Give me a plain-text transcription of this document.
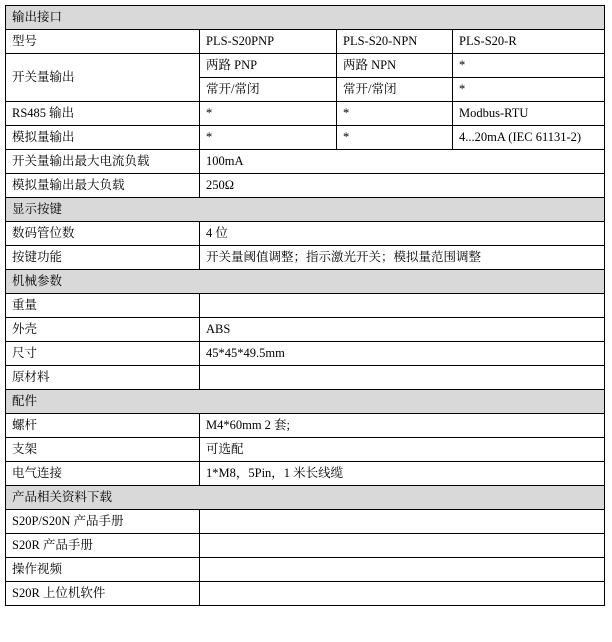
输出接口			
型号	PLS-S20PNP	PLS-S20-NPN	PLS-S20-R
开关量输出	两路 PNP	两路 NPN	*
	常开/常闭	常开/常闭	*
RS485 输出	*	*	Modbus-RTU
模拟量输出	*	*	4...20mA (IEC 61131-2)
开关量输出最大电流负载	100mA		
模拟量输出最大负载	250Ω		
显示按键			
数码管位数	4 位		
按键功能	开关量阈值调整；指示激光开关；模拟量范围调整		
机械参数			
重量			
外壳	ABS		
尺寸	45*45*49.5mm		
原材料			
配件			
螺杆	M4*60mm 2 套;		
支架	可选配		
电气连接	1*M8，5Pin，1 米长线缆		
产品相关资料下载			
S20P/S20N 产品手册			
S20R 产品手册			
操作视频			
S20R 上位机软件			
